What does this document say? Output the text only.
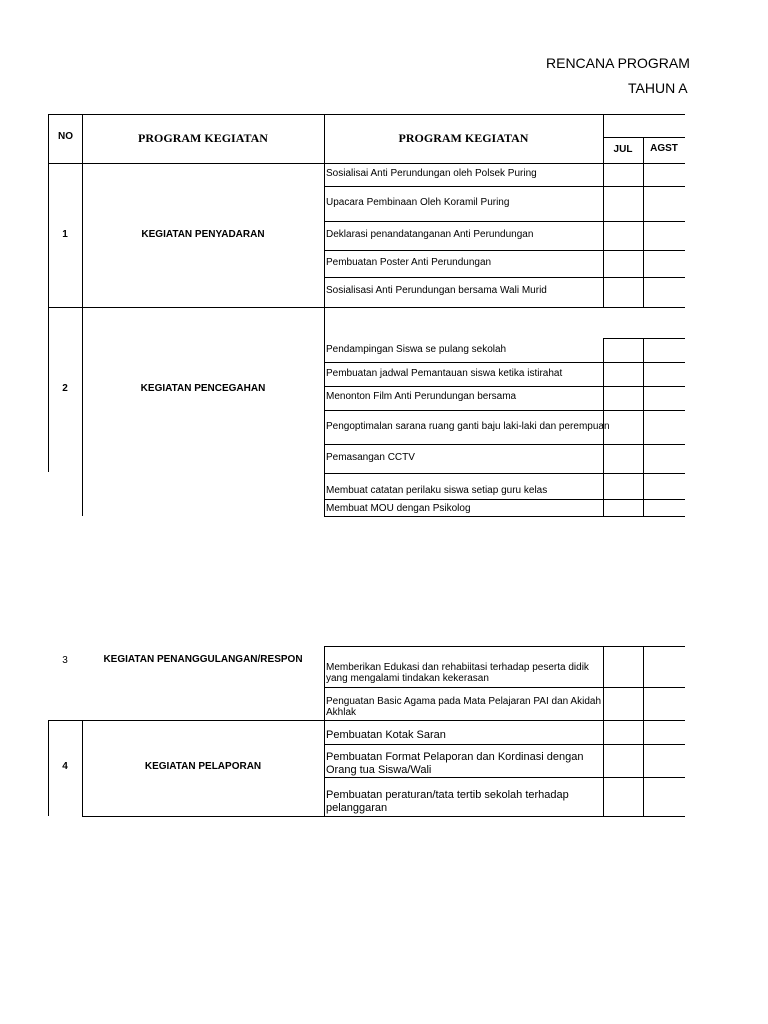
RENCANA PROGRAM
TAHUN A
NO	PROGRAM KEGIATAN	PROGRAM KEGIATAN
JUL	AGST
1	KEGIATAN PENYADARAN
Sosialisai Anti Perundungan oleh Polsek Puring
Upacara Pembinaan Oleh Koramil Puring
Deklarasi penandatanganan Anti Perundungan
Pembuatan Poster Anti Perundungan
Sosialisasi Anti Perundungan bersama Wali Murid
2	KEGIATAN PENCEGAHAN
Pendampingan Siswa se pulang sekolah
Pembuatan jadwal Pemantauan siswa ketika istirahat
Menonton Film Anti Perundungan bersama
Pengoptimalan sarana ruang ganti baju laki-laki dan perempuan
Pemasangan CCTV
Membuat catatan perilaku siswa setiap guru kelas
Membuat MOU dengan Psikolog
3	KEGIATAN PENANGGULANGAN/RESPON
Memberikan Edukasi dan rehabiitasi terhadap peserta didik
yang mengalami tindakan kekerasan
Penguatan Basic Agama pada Mata Pelajaran PAI dan Akidah
Akhlak
4	KEGIATAN PELAPORAN
Pembuatan Kotak Saran
Pembuatan Format Pelaporan dan Kordinasi dengan
Orang tua Siswa/Wali
Pembuatan peraturan/tata tertib sekolah terhadap
pelanggaran
